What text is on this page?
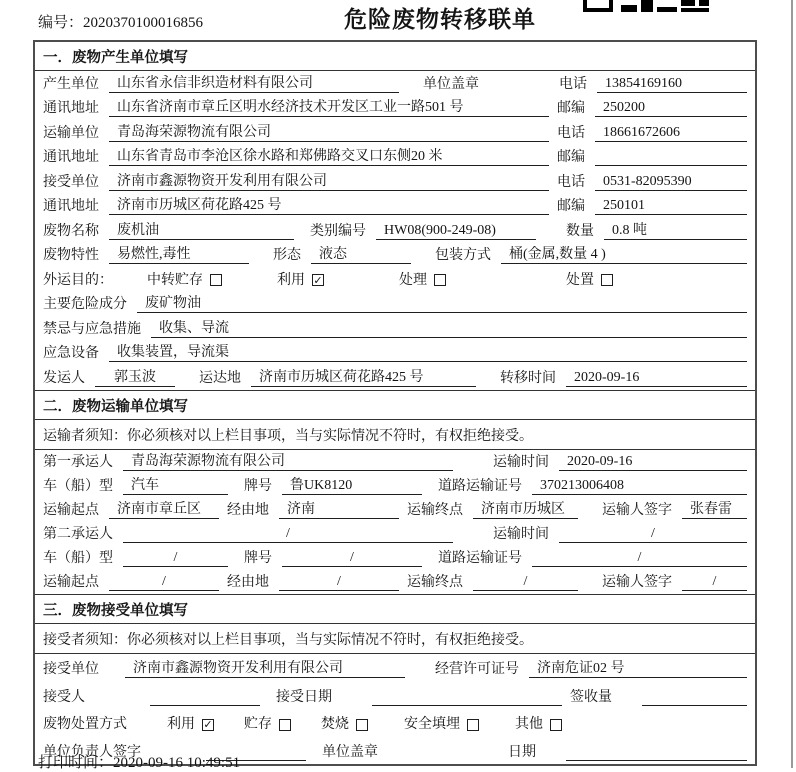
编号：2020370100016856	危险废物转移联单
一．废物产生单位填写
产生单位	山东省永信非织造材料有限公司	单位盖章	电话	13854169160
通讯地址	山东省济南市章丘区明水经济技术开发区工业一路501 号	邮编	250200
运输单位	青岛海荣源物流有限公司	电话	18661672606
通讯地址	山东省青岛市李沧区徐水路和郑佛路交叉口东侧20 米	邮编
接受单位	济南市鑫源物资开发利用有限公司	电话	0531-82095390
通讯地址	济南市历城区荷花路425 号	邮编	250101
废物名称	废机油	类别编号	HW08(900-249-08)	数量	0.8 吨
废物特性	易燃性,毒性	形态	液态	包装方式	桶(金属,数量 4 )
外运目的： 中转贮存	利用 ✓	处理	处置
主要危险成分	废矿物油
禁忌与应急措施	收集、导流
应急设备	收集装置，导流渠
发运人	郭玉波	运达地	济南市历城区荷花路425 号	转移时间	2020-09-16
二．废物运输单位填写
运输者须知：你必须核对以上栏目事项，当与实际情况不符时，有权拒绝接受。
第一承运人	青岛海荣源物流有限公司	运输时间	2020-09-16
车（船）型	汽车	牌号	鲁UK8120	道路运输证号	370213006408
运输起点	济南市章丘区	经由地	济南	运输终点	济南市历城区	运输人签字	张春雷
第二承运人	/	运输时间	/
车（船）型	/	牌号	/	道路运输证号	/
运输起点	/	经由地	/	运输终点	/	运输人签字	/
三．废物接受单位填写
接受者须知：你必须核对以上栏目事项，当与实际情况不符时，有权拒绝接受。
接受单位	济南市鑫源物资开发利用有限公司	经营许可证号	济南危证02 号
接受人	接受日期	签收量
废物处置方式	利用 ✓ 贮存	焚烧	安全填埋	其他
单位负责人签字	单位盖章	日期
打印时间：2020-09-16 10:49:51
